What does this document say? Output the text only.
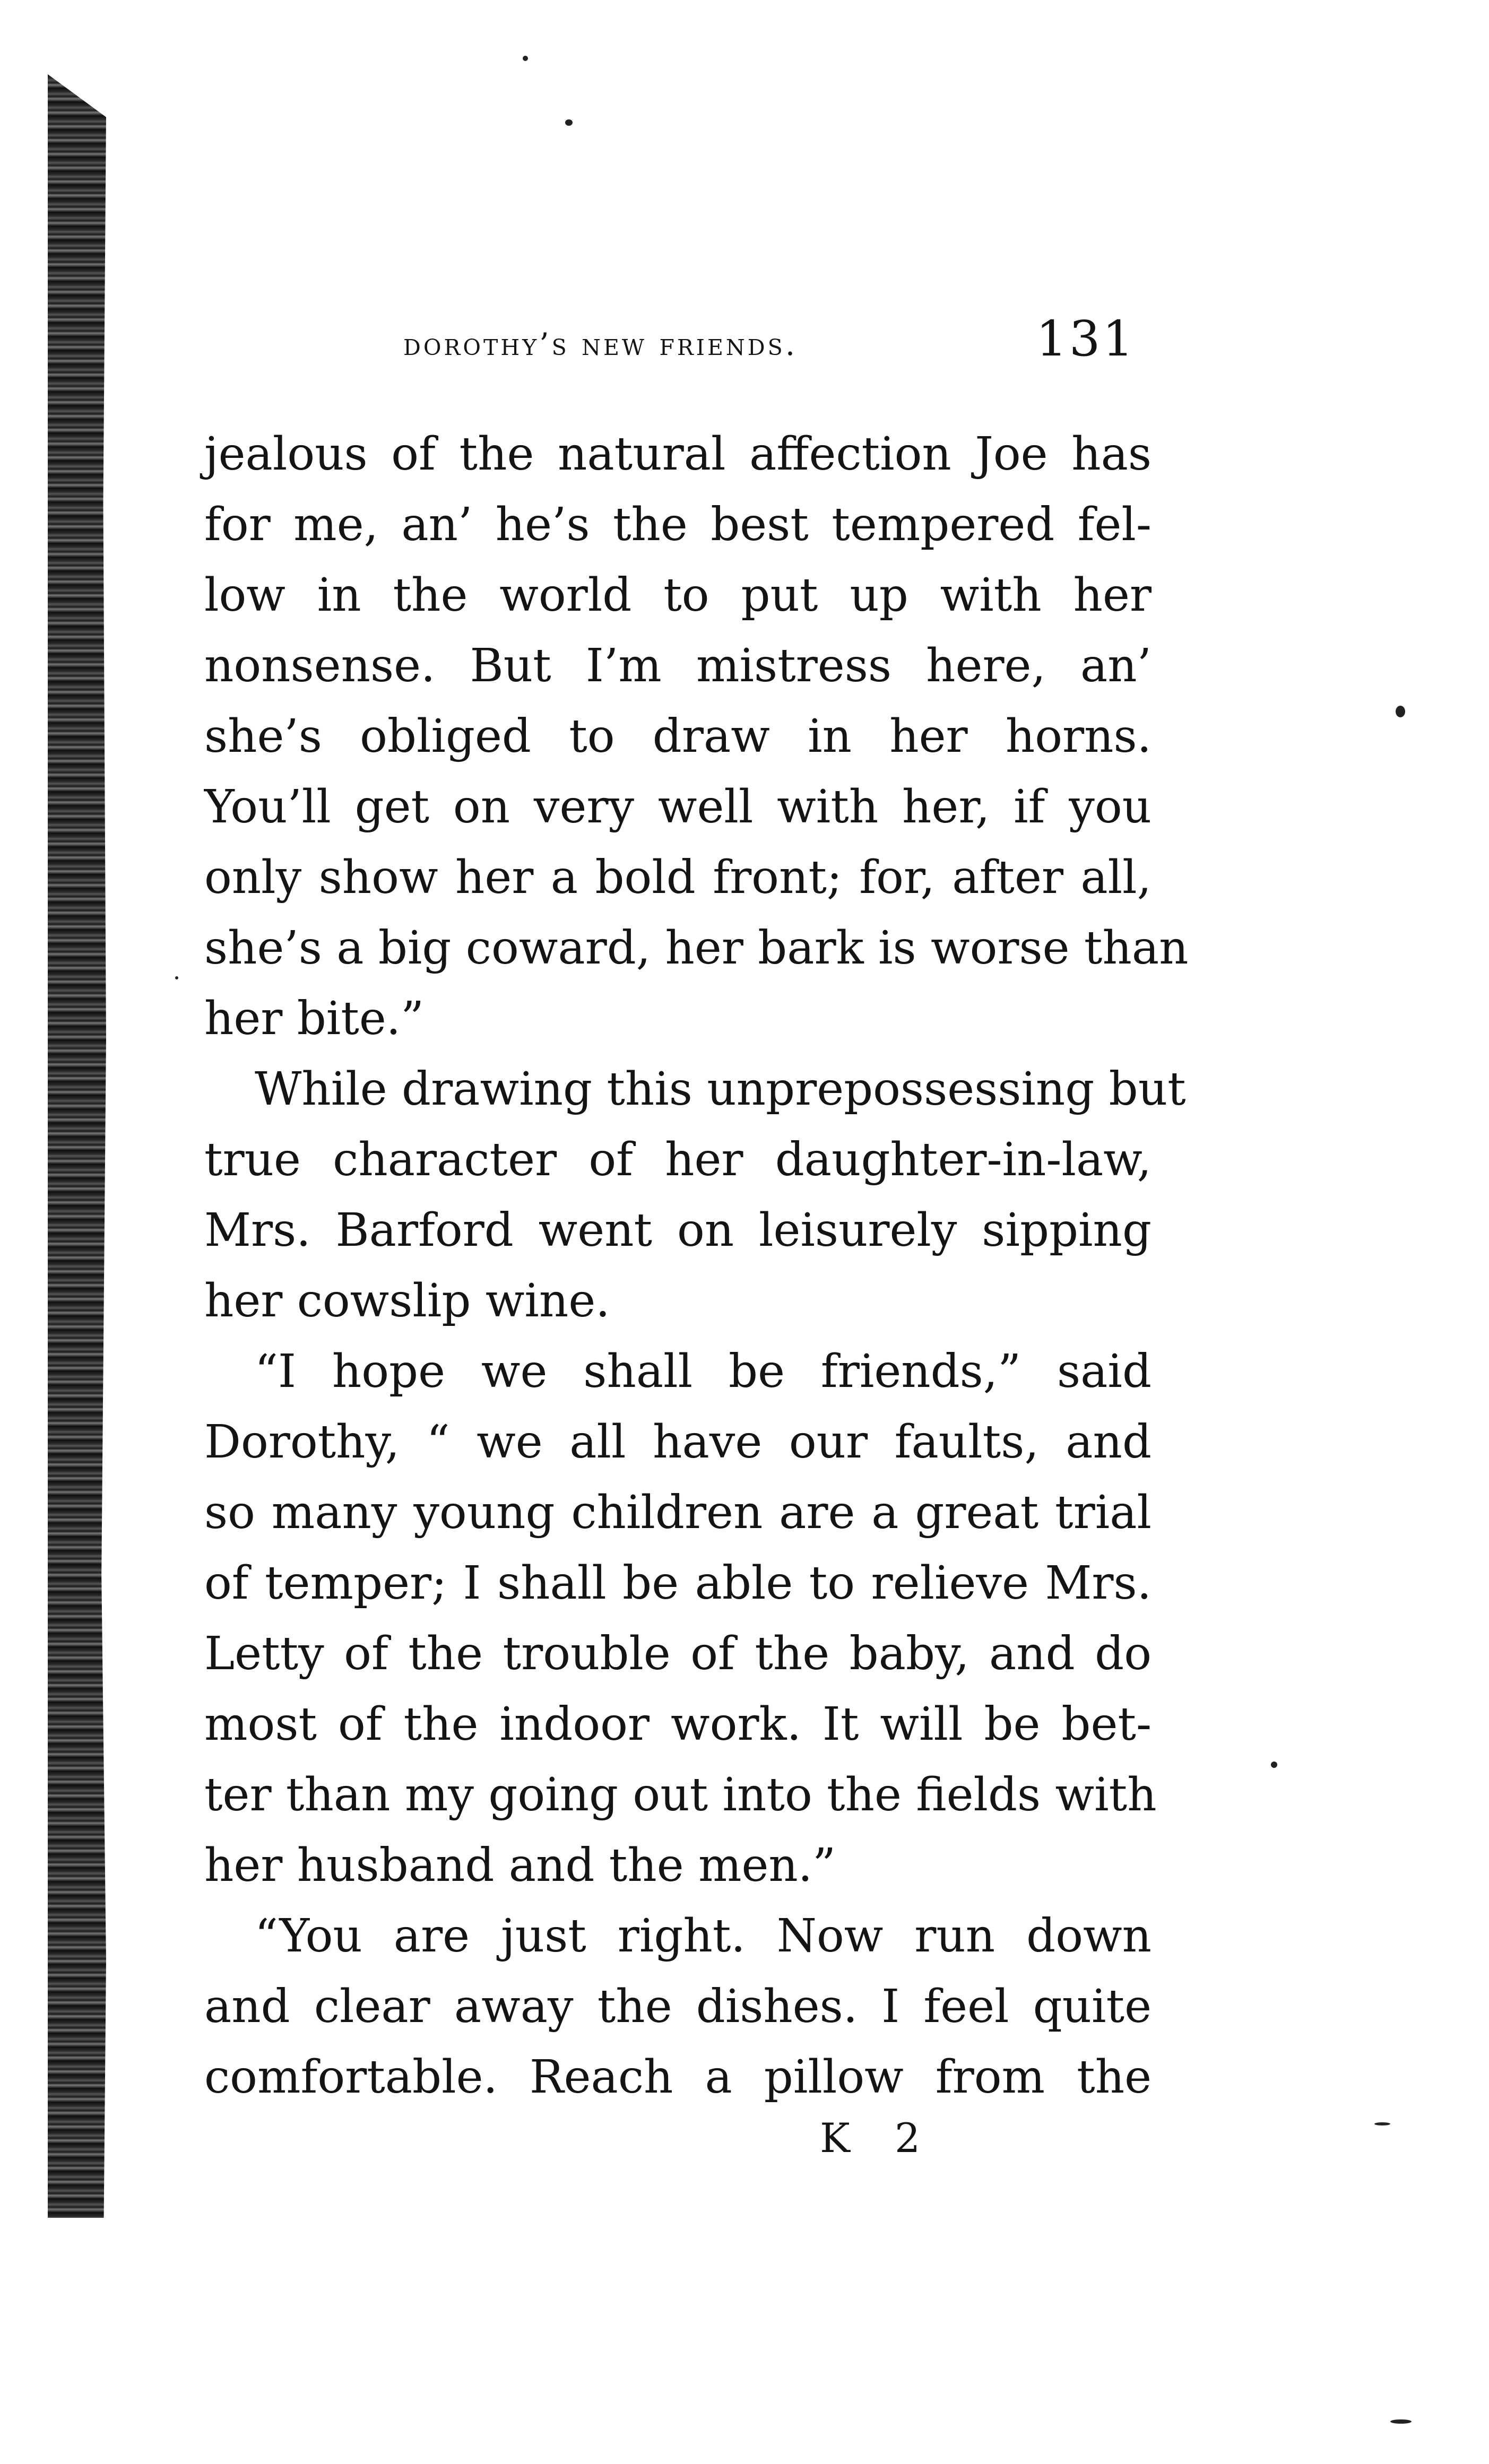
dorothy’s new friends.	131
jealous of the natural affection Joe has
for me, an’ he’s the best tempered fel-
low in the world to put up with her
nonsense. But I’m mistress here, an’
she’s obliged to draw in her horns.
You’ll get on very well with her, if you
only show her a bold front; for, after all,
she’s a big coward, her bark is worse than
her bite.”
While drawing this unprepossessing but
true character of her daughter-in-law,
Mrs. Barford went on leisurely sipping
her cowslip wine.
“I hope we shall be friends,” said
Dorothy, “ we all have our faults, and
so many young children are a great trial
of temper; I shall be able to relieve Mrs.
Letty of the trouble of the baby, and do
most of the indoor work. It will be bet-
ter than my going out into the fields with
her husband and the men.”
“You are just right. Now run down
and clear away the dishes. I feel quite
comfortable. Reach a pillow from the
K 2
